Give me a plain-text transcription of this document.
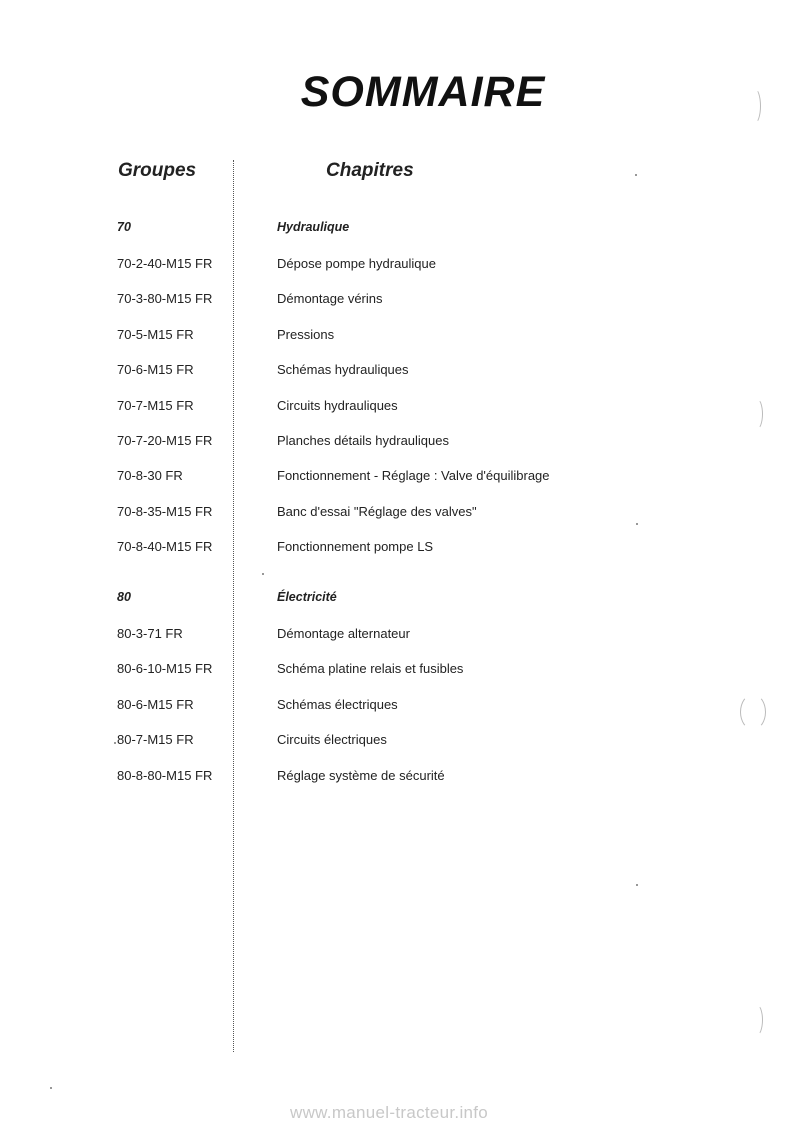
SOMMAIRE
Groupes	Chapitres
70	Hydraulique
70-2-40-M15 FR	Dépose pompe hydraulique
70-3-80-M15 FR	Démontage vérins
70-5-M15 FR	Pressions
70-6-M15 FR	Schémas hydrauliques
70-7-M15 FR	Circuits hydrauliques
70-7-20-M15 FR	Planches détails hydrauliques
70-8-30 FR	Fonctionnement - Réglage : Valve d'équilibrage
70-8-35-M15 FR	Banc d'essai "Réglage des valves"
70-8-40-M15 FR	Fonctionnement pompe LS
80	Électricité
80-3-71 FR	Démontage alternateur
80-6-10-M15 FR	Schéma platine relais et fusibles
80-6-M15 FR	Schémas électriques
80-7-M15 FR	Circuits électriques
80-8-80-M15 FR	Réglage système de sécurité
www.manuel-tracteur.info
